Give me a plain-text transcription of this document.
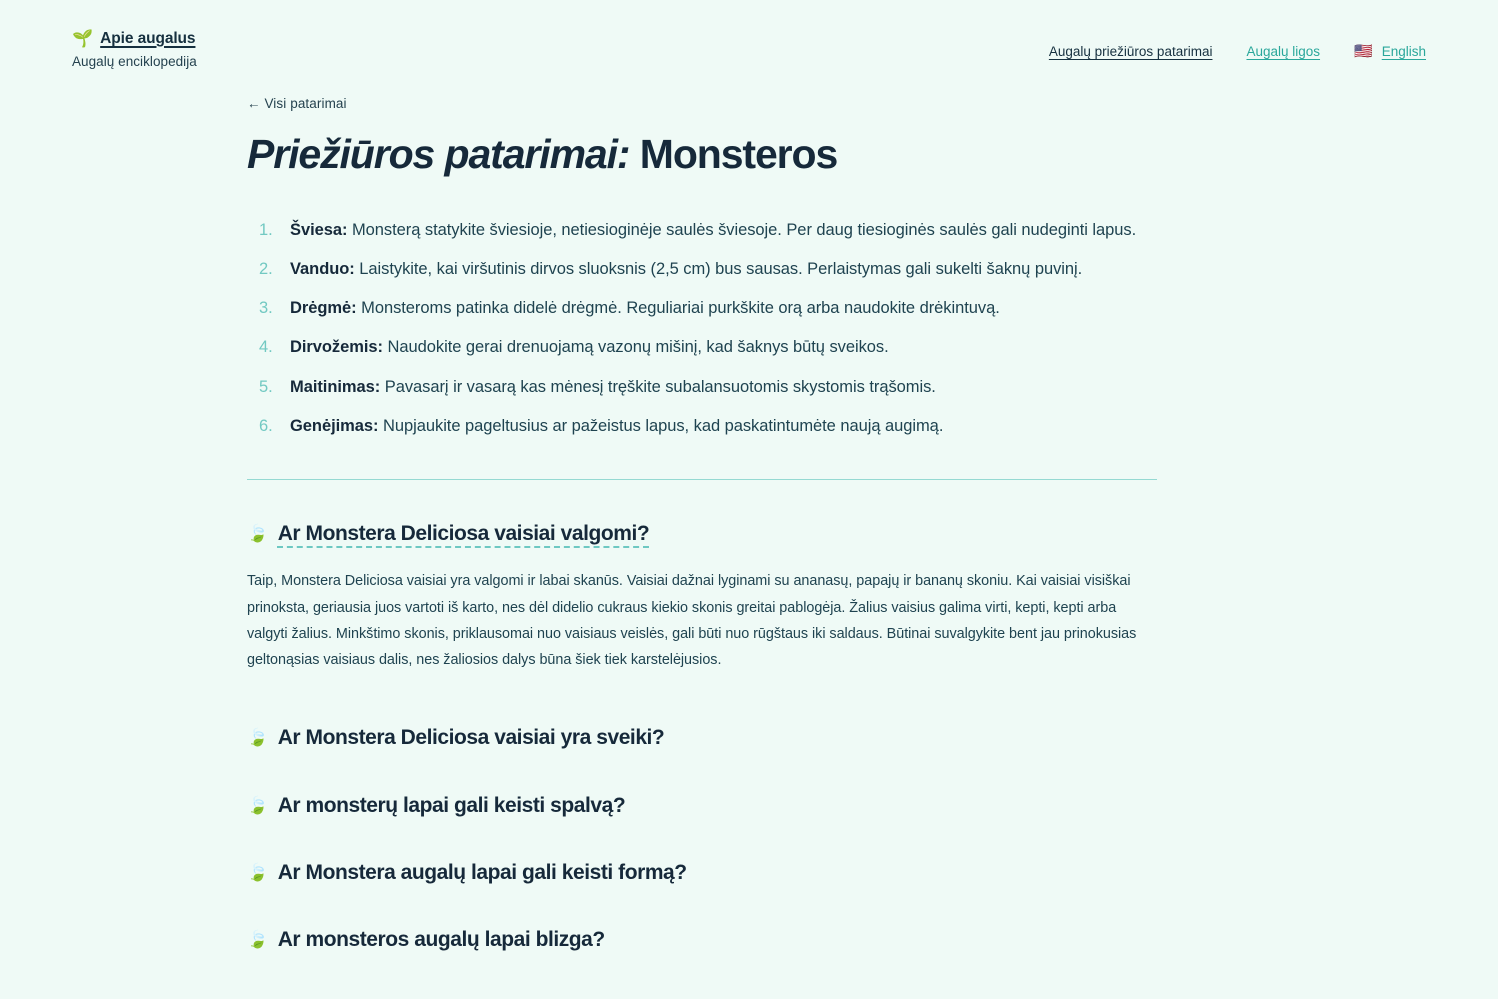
🌱 Apie augalus
Augalų enciklopedija
Augalų priežiūros patarimai	Augalų ligos 🇺🇸 English
← Visi patarimai
Priežiūros patarimai: Monsteros
Šviesa: Monsterą statykite šviesioje, netiesioginėje saulės šviesoje. Per daug tiesioginės saulės gali nudeginti lapus.
Vanduo: Laistykite, kai viršutinis dirvos sluoksnis (2,5 cm) bus sausas. Perlaistymas gali sukelti šaknų puvinį.
Drėgmė: Monsteroms patinka didelė drėgmė. Reguliariai purkškite orą arba naudokite drėkintuvą.
Dirvožemis: Naudokite gerai drenuojamą vazonų mišinį, kad šaknys būtų sveikos.
Maitinimas: Pavasarį ir vasarą kas mėnesį tręškite subalansuotomis skystomis trąšomis.
Genėjimas: Nupjaukite pageltusius ar pažeistus lapus, kad paskatintumėte naują augimą.
🍃 Ar Monstera Deliciosa vaisiai valgomi?

Taip, Monstera Deliciosa vaisiai yra valgomi ir labai skanūs. Vaisiai dažnai lyginami su ananasų, papajų ir bananų skoniu. Kai vaisiai visiškai prinoksta, geriausia juos vartoti iš karto, nes dėl didelio cukraus kiekio skonis greitai pablogėja. Žalius vaisius galima virti, kepti, kepti arba valgyti žalius. Minkštimo skonis, priklausomai nuo vaisiaus veislės, gali būti nuo rūgštaus iki saldaus. Būtinai suvalgykite bent jau prinokusias geltonąsias vaisiaus dalis, nes žaliosios dalys būna šiek tiek karstelėjusios.

🍃 Ar Monstera Deliciosa vaisiai yra sveiki?
🍃 Ar monsterų lapai gali keisti spalvą?
🍃 Ar Monstera augalų lapai gali keisti formą?
🍃 Ar monsteros augalų lapai blizga?
